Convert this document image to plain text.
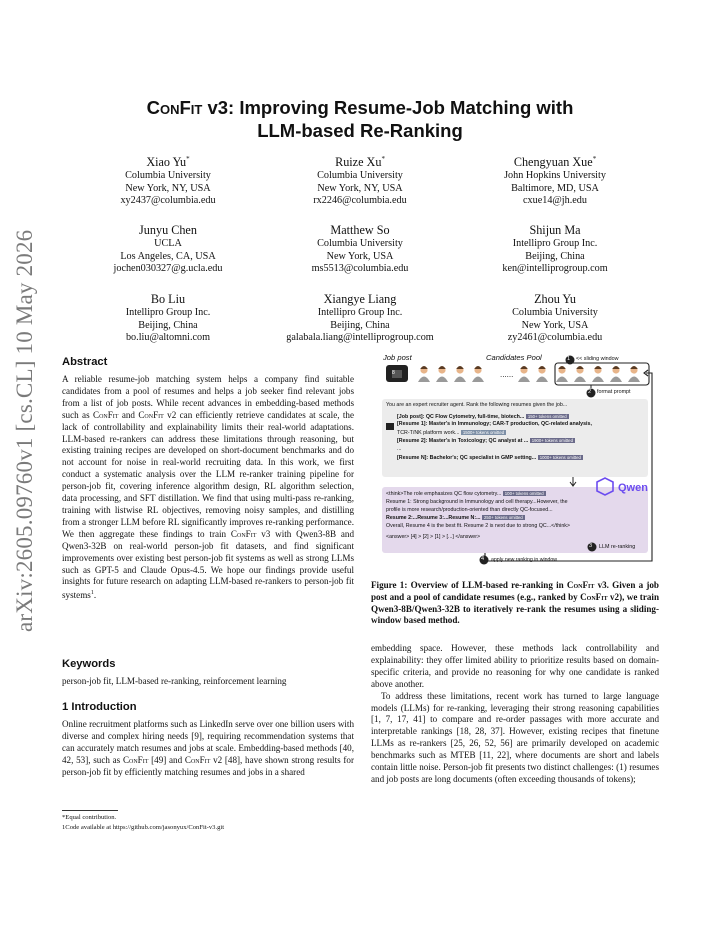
arXiv:2605.09760v1 [cs.CL] 10 May 2026
ConFit v3: Improving Resume-Job Matching with
LLM-based Re-Ranking
Xiao Yu*
Columbia University
New York, NY, USA
xy2437@columbia.edu
Ruize Xu*
Columbia University
New York, NY, USA
rx2246@columbia.edu
Chengyuan Xue*
John Hopkins University
Baltimore, MD, USA
cxue14@jh.edu
Junyu Chen
UCLA
Los Angeles, CA, USA
jochen030327@g.ucla.edu
Matthew So
Columbia University
New York, USA
ms5513@columbia.edu
Shijun Ma
Intellipro Group Inc.
Beijing, China
ken@intelliprogroup.com
Bo Liu
Intellipro Group Inc.
Beijing, China
bo.liu@altomni.com
Xiangye Liang
Intellipro Group Inc.
Beijing, China
galabala.liang@intelliprogroup.com
Zhou Yu
Columbia University
New York, USA
zy2461@columbia.edu
Abstract

A reliable resume-job matching system helps a company find suitable candidates from a pool of resumes and helps a job seeker find relevant jobs from a list of job posts. While recent advances in embedding-based methods such as ConFit and ConFit v2 can efficiently retrieve candidates at scale, the lack of controllability and explainability limits their real-world adaptations. LLM-based re-rankers can address these limitations through reasoning, but existing training recipes are developed on short-document benchmarks and do not account for noise in real-world recruiting data. In this work, we first conduct a systematic analysis over the LLM re-ranker training pipeline for person-job fit, covering inference algorithm design, RL algorithm selection, data processing, and SFT distillation. We find that using multi-pass re-ranking, training with listwise RL objectives, removing noisy samples, and distilling from a stronger LLM before RL significantly improves re-ranking performance. We then aggregate these findings to train ConFit v3 with Qwen3-8B and Qwen3-32B on real-world person-job fit datasets, and find significant improvements over existing best person-job fit systems as well as strong LLMs such as GPT-5 and Claude Opus-4.5. We hope our findings provide useful insights for future research on adapting LLM-based re-rankers to person-job fit systems$^1$.

Keywords
person-job fit, LLM-based re-ranking, reinforcement learning
1 Introduction

Online recruitment platforms such as LinkedIn serve over one billion users with diverse and complex hiring needs [9], requiring recommendation systems that can accurately match resumes and jobs at scale. Embedding-based methods [40, 42, 53], such as ConFit [49] and ConFit v2 [48], have shown strong results for person-job fit by efficiently matching resumes and jobs in a shared

*Equal contribution.
1Code available at https://github.com/jasonyux/ConFit-v3.git
Job post
8
Candidates Pool
......
1 << sliding window
2 format prompt
You are an expert recruiter agent. Rank the following resumes given the job...
[Job post]: QC Flow Cytometry, full-time, biotech... 150+ tokens omitted
[Resume 1]: Master's in Immunology; CAR-T production, QC-related analysis,
TCR-T/NK platform work... 1500+ tokens omitted
[Resume 2]: Master's in Toxicology; QC analyst at ... 1900+ tokens omitted
...
[Resume N]: Bachelor's; QC specialist in GMP setting... 1000+ tokens omitted
Qwen
<think>The role emphasizes QC flow cytometry... 100+ tokens omitted
Resume 1: Strong background in Immunology and cell therapy...However, the
profile is more research/production-oriented than directly QC-focused...
Resume 2:...Resume 3:...Resume N:... 250+ tokens omitted
Overall, Resume 4 is the best fit. Resume 2 is next due to strong QC...</think>
<answer> [4] > [2] > [1] > [...] </answer>
3 LLM re-ranking
4 apply new ranking in window
Figure 1: Overview of LLM-based re-ranking in ConFit v3. Given a job post and a pool of candidate resumes (e.g., ranked by ConFit v2), we train Qwen3-8B/Qwen3-32B to iteratively re-rank the resumes using a sliding-window based method.

embedding space. However, these methods lack controllability and explainability: they offer limited ability to prioritize results based on domain-specific criteria, and provide no reasoning for why one candidate is ranked above another.

To address these limitations, recent work has turned to large language models (LLMs) for re-ranking, leveraging their strong reasoning capabilities [1, 7, 17, 41] to compare and re-order passages with more accurate and interpretable rankings [18, 28, 37]. However, existing recipes that finetune LLMs as re-rankers [25, 26, 52, 56] are primarily developed on academic benchmarks such as MTEB [11, 22], where documents are short and labels contain little noise. Person-job fit presents two distinct challenges: (1) resumes and job posts are long documents (often exceeding thousands of tokens);
